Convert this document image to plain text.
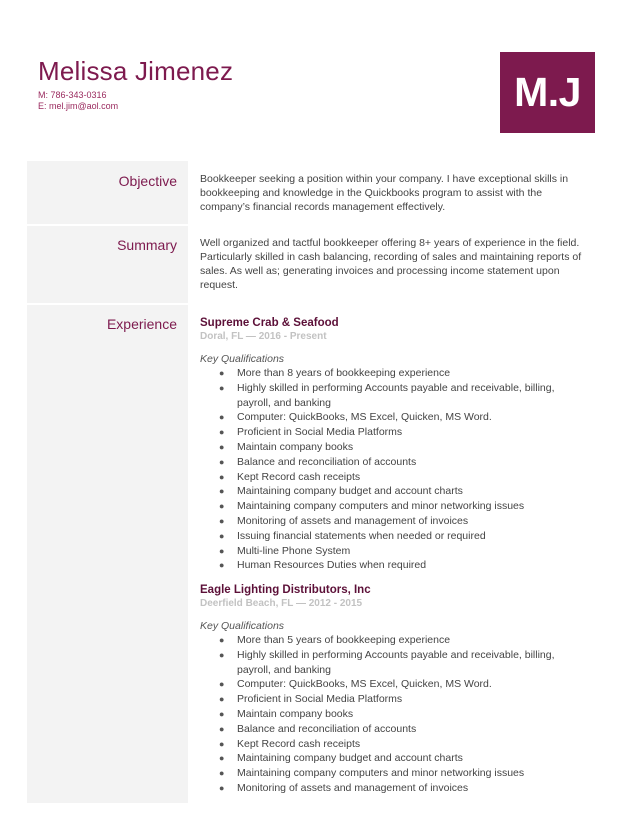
Melissa Jimenez
M: 786-343-0316
E: mel.jim@aol.com	M.J
Objective Bookkeeper seeking a position within your company. I have exceptional skills in bookkeeping and knowledge in the Quickbooks program to assist with the company’s financial records management effectively.
Summary Well organized and tactful bookkeeper offering 8+ years of experience in the field. Particularly skilled in cash balancing, recording of sales and maintaining reports of sales. As well as; generating invoices and processing income statement upon request.
Experience Supreme Crab & Seafood
Doral, FL — 2016 - Present
Key Qualifications
● More than 8 years of bookkeeping experience
● Highly skilled in performing Accounts payable and receivable, billing, payroll, and banking
● Computer: QuickBooks, MS Excel, Quicken, MS Word.
● Proficient in Social Media Platforms
● Maintain company books
● Balance and reconciliation of accounts
● Kept Record cash receipts
● Maintaining company budget and account charts
● Maintaining company computers and minor networking issues
● Monitoring of assets and management of invoices
● Issuing financial statements when needed or required
● Multi-line Phone System
● Human Resources Duties when required
Eagle Lighting Distributors, Inc
Deerfield Beach, FL — 2012 - 2015
Key Qualifications
● More than 5 years of bookkeeping experience
● Highly skilled in performing Accounts payable and receivable, billing, payroll, and banking
● Computer: QuickBooks, MS Excel, Quicken, MS Word.
● Proficient in Social Media Platforms
● Maintain company books
● Balance and reconciliation of accounts
● Kept Record cash receipts
● Maintaining company budget and account charts
● Maintaining company computers and minor networking issues
● Monitoring of assets and management of invoices
